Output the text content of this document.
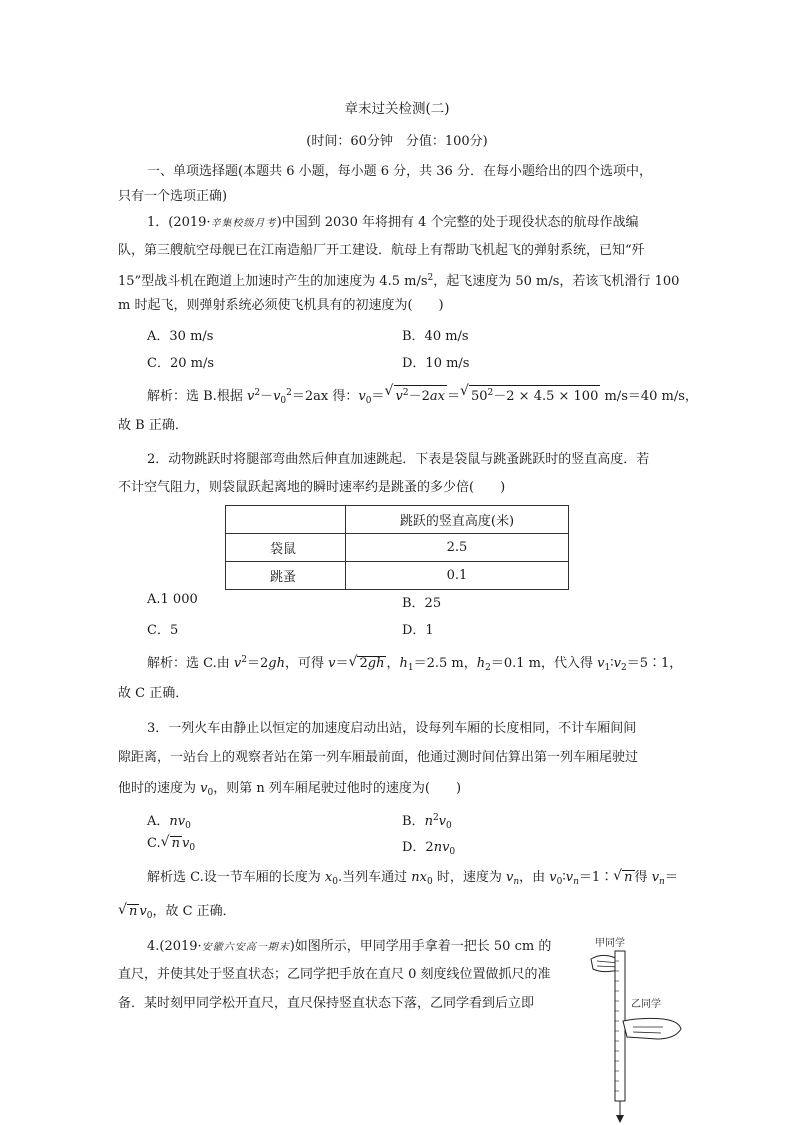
章末过关检测(二)
(时间：60分钟　分值：100分)
一、单项选择题(本题共 6 小题，每小题 6 分，共 36 分．在每小题给出的四个选项中，
只有一个选项正确)
1．(2019·辛集校级月考)中国到 2030 年将拥有 4 个完整的处于现役状态的航母作战编
队，第三艘航空母舰已在江南造船厂开工建设．航母上有帮助飞机起飞的弹射系统，已知“歼
15”型战斗机在跑道上加速时产生的加速度为 4.5 $m/s^2$，起飞速度为 50 m/s，若该飞机滑行 100
m 时起飞，则弹射系统必须使飞机具有的初速度为(　　)
A．30 m/s	B．40 m/s
C．20 m/s	D．10 m/s
解析：选 B.根据 $v^2-v_0^2=2ax$ 得：$v_0=$ √ $v^2-2ax$ ＝ √ $50^2-2 \times 4.5 \times 100$ m/s＝40 m/s，
故 B 正确．
2．动物跳跃时将腿部弯曲然后伸直加速跳起．下表是袋鼠与跳蚤跳跃时的竖直高度．若
不计空气阻力，则袋鼠跃起离地的瞬时速率约是跳蚤的多少倍(　　)
	跳跃的竖直高度(米)
袋鼠	2.5
跳蚤	0.1
A.1 000	B．25
C．5	D．1
解析：选 C.由 $v^2=2gh$，可得 v＝ √ 2gh ，$h_1=2.5$ m，$h_2=0.1$ m，代入得 $v_1∶v_2=5∶1$，
故 C 正确．
3．一列火车由静止以恒定的加速度启动出站，设每列车厢的长度相同，不计车厢间间
隙距离，一站台上的观察者站在第一列车厢最前面，他通过测时间估算出第一列车厢尾驶过
他时的速度为 $v_0$，则第 n 列车厢尾驶过他时的速度为(　　)
A．$nv_0$	B．$n^2v_0$
C. √ n $v_0$	D．$2nv_0$
解析选 C.设一节车厢的长度为 $x_0$.当列车通过 $nx_0$ 时，速度为 $v_n$，由 $v_0∶v_n=1∶$ √ n 得 $v_n=$
√ n $v_0$，故 C 正确．
4.(2019·安徽六安高一期末)如图所示，甲同学用手拿着一把长 50 cm 的
直尺，并使其处于竖直状态；乙同学把手放在直尺 0 刻度线位置做抓尺的准
备．某时刻甲同学松开直尺，直尺保持竖直状态下落，乙同学看到后立即
甲同学
乙同学
